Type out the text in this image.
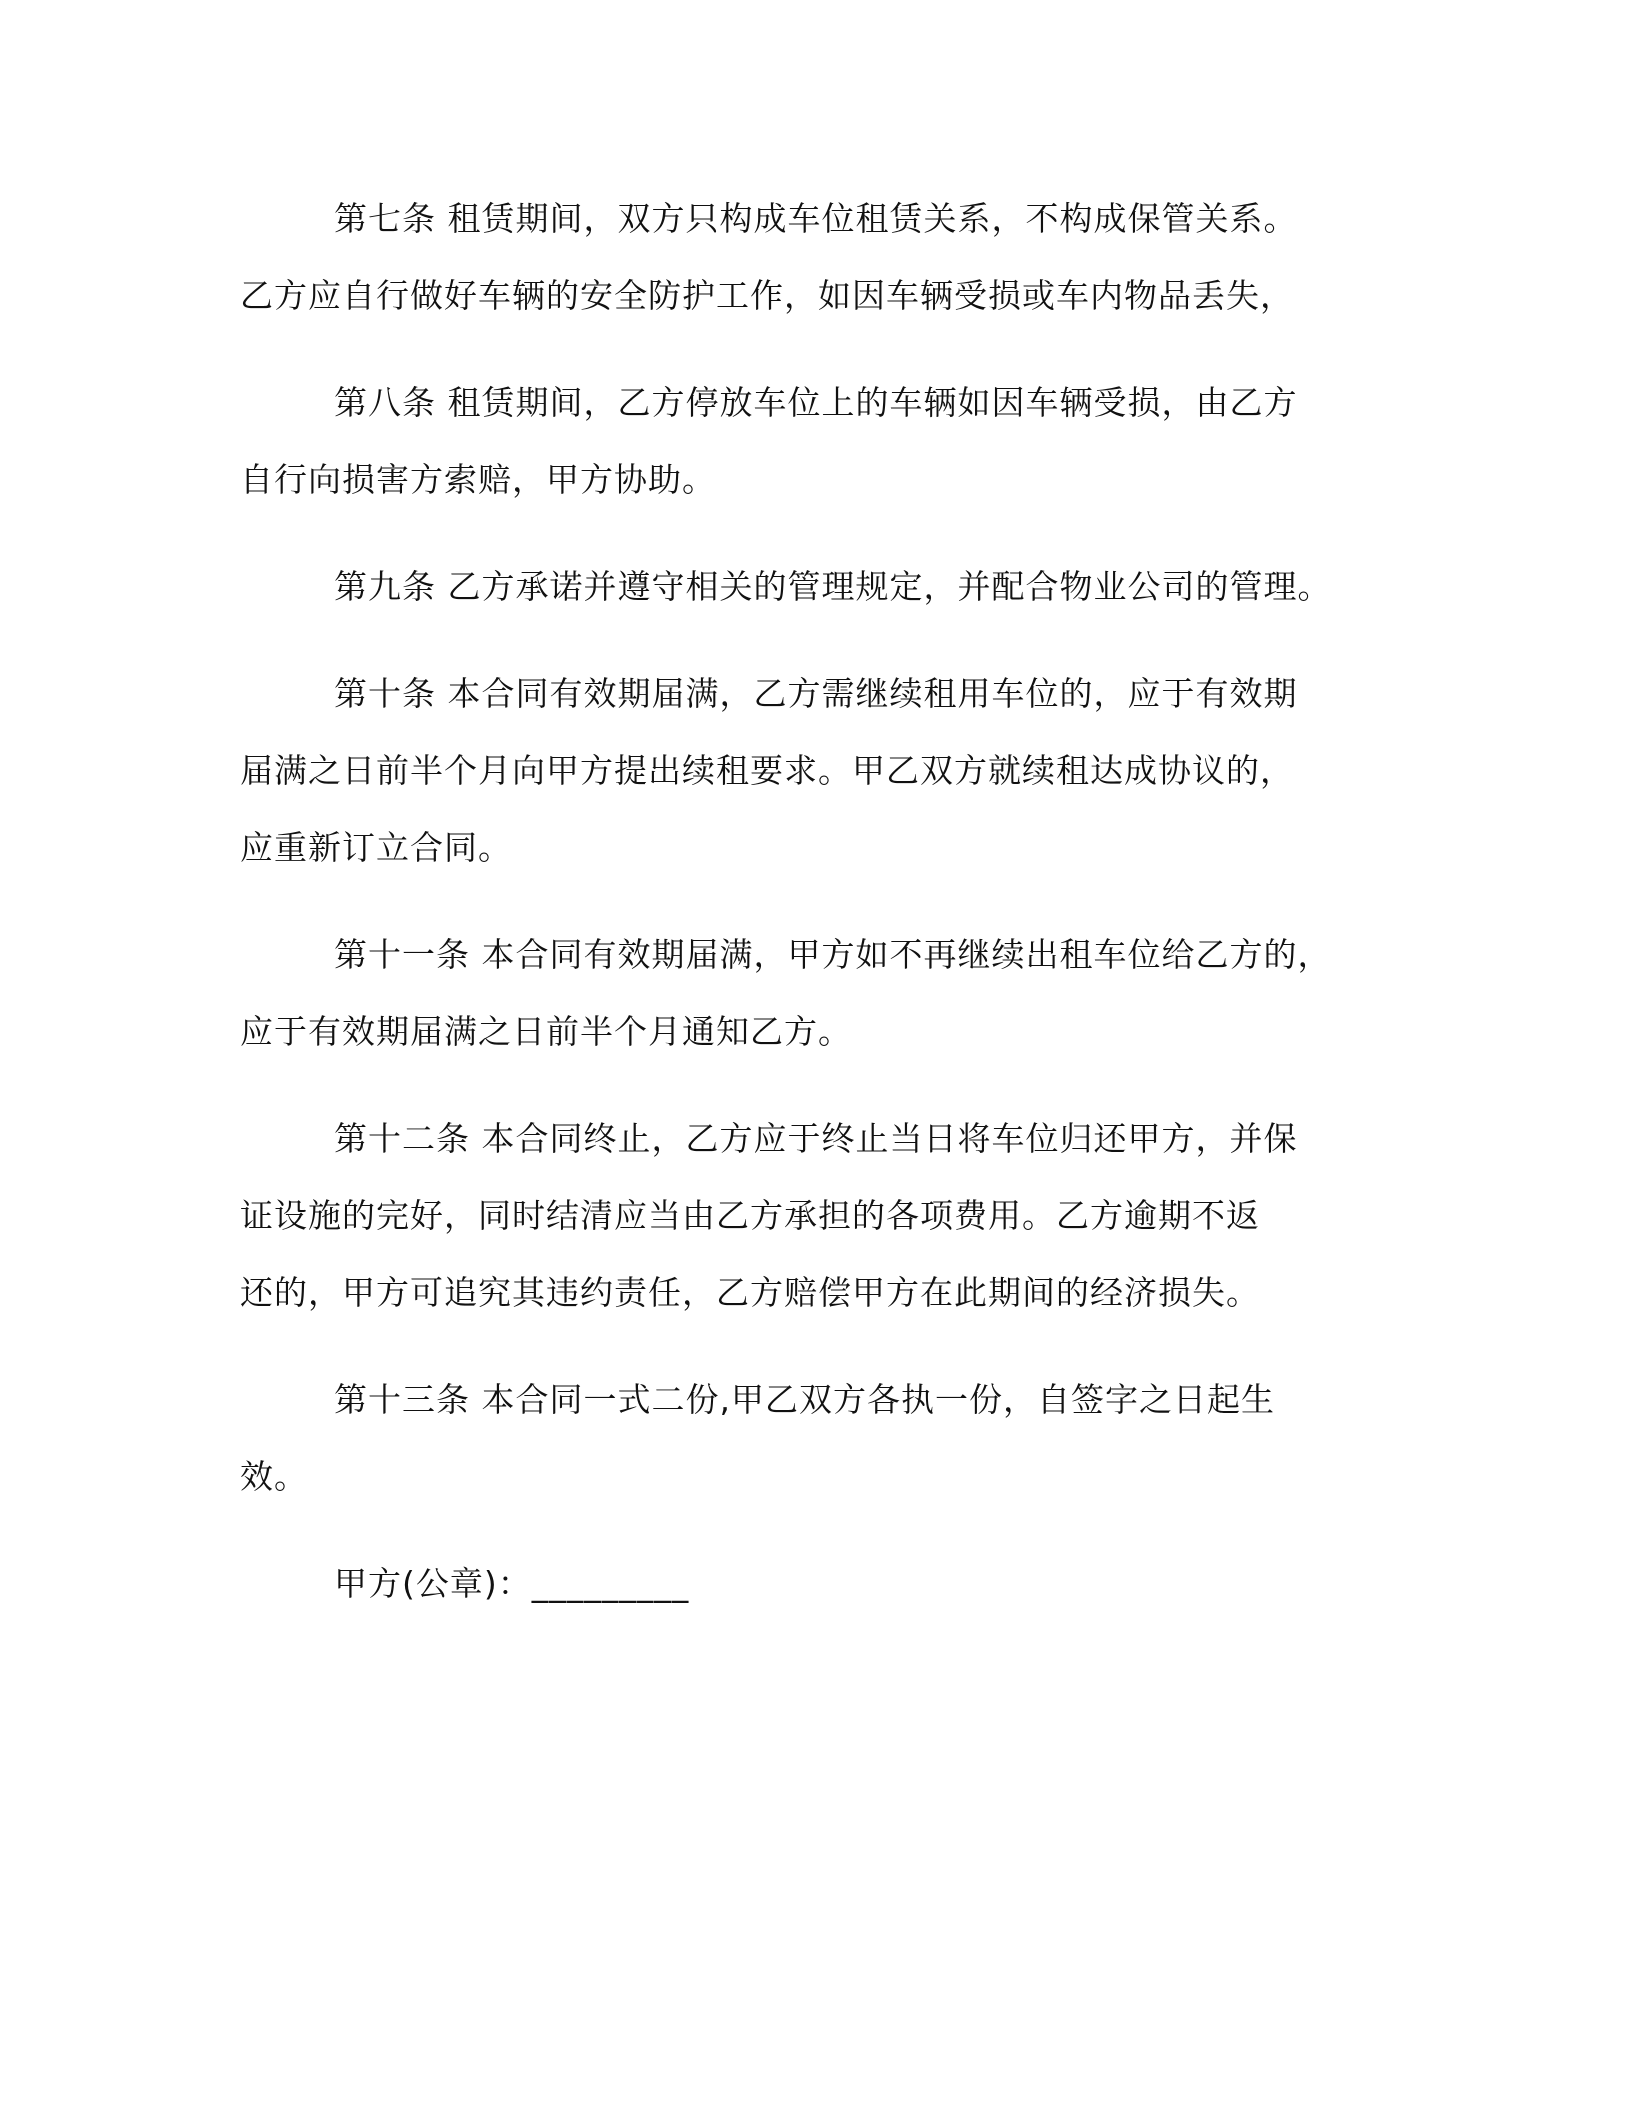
第七条 租赁期间，双方只构成车位租赁关系，不构成保管关系。
乙方应自行做好车辆的安全防护工作，如因车辆受损或车内物品丢失，
第八条 租赁期间，乙方停放车位上的车辆如因车辆受损，由乙方
自行向损害方索赔，甲方协助。
第九条 乙方承诺并遵守相关的管理规定，并配合物业公司的管理。
第十条 本合同有效期届满，乙方需继续租用车位的，应于有效期
届满之日前半个月向甲方提出续租要求。甲乙双方就续租达成协议的，
应重新订立合同。
第十一条 本合同有效期届满，甲方如不再继续出租车位给乙方的，
应于有效期届满之日前半个月通知乙方。
第十二条 本合同终止，乙方应于终止当日将车位归还甲方，并保
证设施的完好，同时结清应当由乙方承担的各项费用。乙方逾期不返
还的，甲方可追究其违约责任，乙方赔偿甲方在此期间的经济损失。
第十三条 本合同一式二份,甲乙双方各执一份，自签字之日起生
效。
甲方(公章)：_________
